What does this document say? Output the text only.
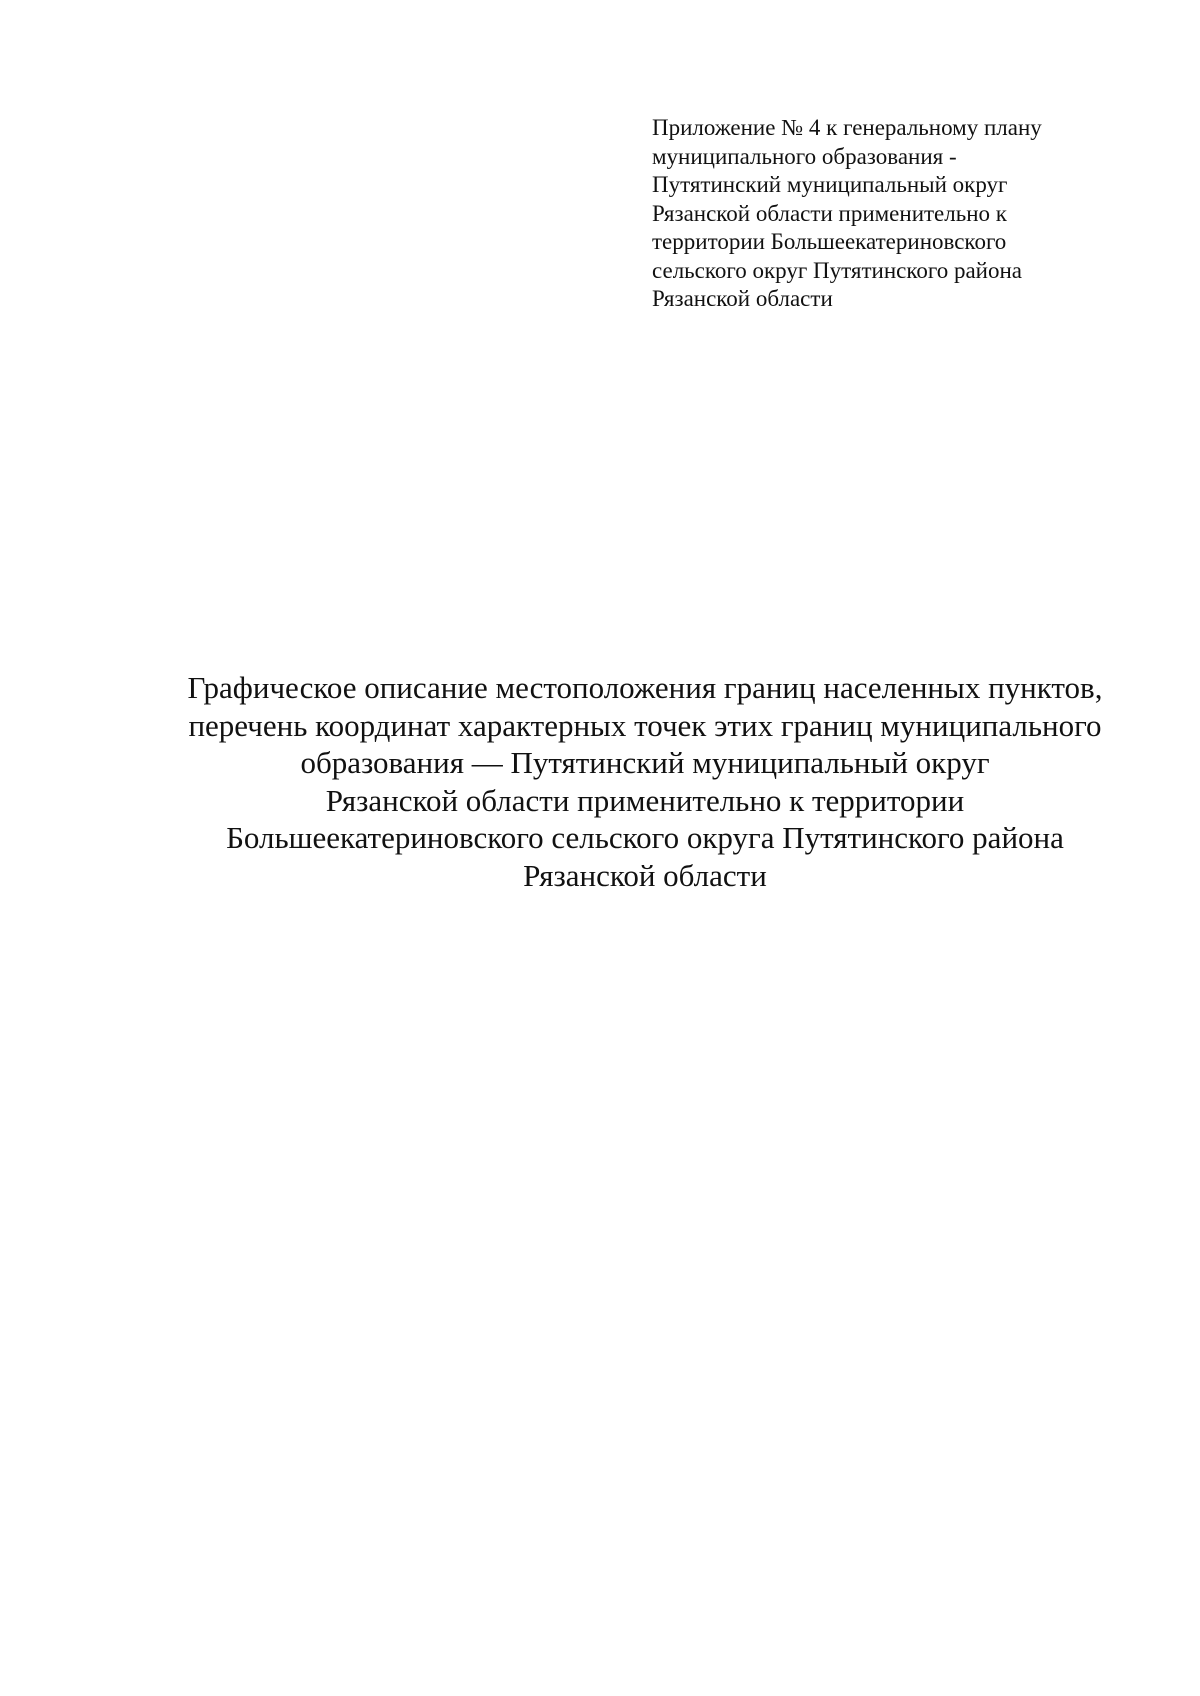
Приложение № 4 к генеральному плану
муниципального образования -
Путятинский муниципальный округ
Рязанской области применительно к
территории Большеекатериновского
сельского округ Путятинского района
Рязанской области
Графическое описание местоположения границ населенных пунктов,
перечень координат характерных точек этих границ муниципального
образования — Путятинский муниципальный округ
Рязанской области применительно к территории
Большеекатериновского сельского округа Путятинского района
Рязанской области
